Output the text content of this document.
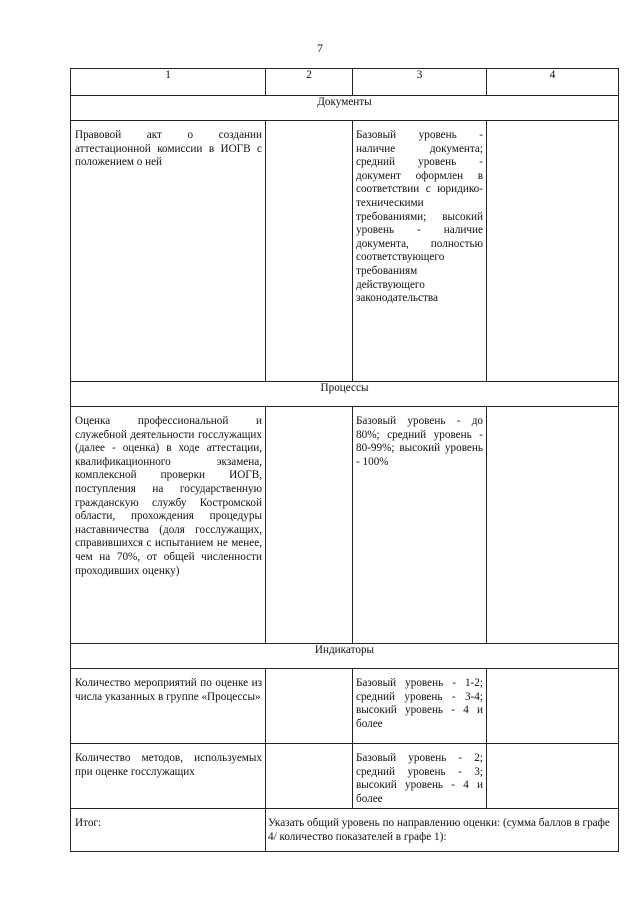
7
1	2	3	4
Документы			

Правовой акт о создании аттестационной комиссии в ИОГВ с положением о ней		Базовый уровень - наличие документа; средний уровень - документ оформлен в соответствии с юридико-техническими требованиями; высокий уровень - наличие документа, полностью соответствующего требованиям действующего законодательства	

Процессы			

Оценка профессиональной и служебной деятельности госслужащих (далее - оценка) в ходе аттестации, квалификационного экзамена, комплексной проверки ИОГВ, поступления на государственную гражданскую службу Костромской области, прохождения процедуры наставничества (доля госслужащих, справившихся с испытанием не менее, чем на 70%, от общей численности проходивших оценку)		Базовый уровень - до 80%; средний уровень - 80-99%; высокий уровень - 100%	

Индикаторы			

Количество мероприятий по оценке из числа указанных в группе «Процессы»		Базовый уровень - 1-2; средний уровень - 3-4; высокий уровень - 4 и более	

Количество методов, используемых при оценке госслужащих		Базовый уровень - 2; средний уровень - 3; высокий уровень - 4 и более	

Итог:	Указать общий уровень по направлению оценки: (сумма баллов в графе 4/ количество показателей в графе 1):		
